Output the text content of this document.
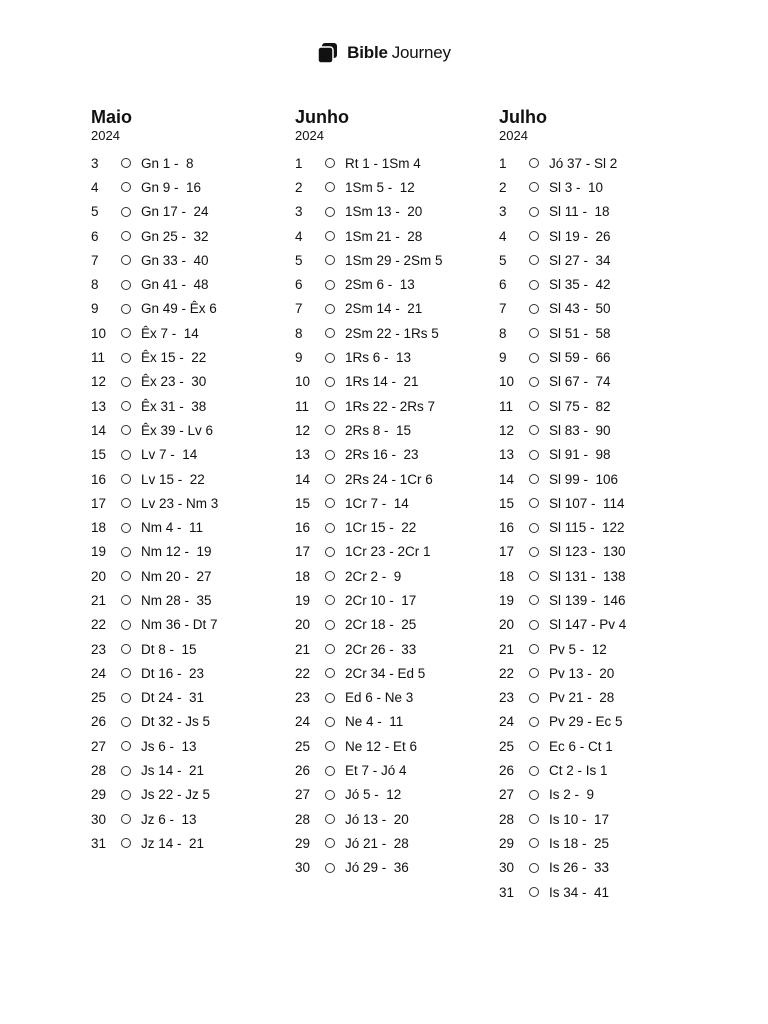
Bible Journey
Maio
2024
3	Gn 1 -  8
4	Gn 9 -  16
5	Gn 17 -  24
6	Gn 25 -  32
7	Gn 33 -  40
8	Gn 41 -  48
9	Gn 49 - Êx 6
10	Êx 7 -  14
11	Êx 15 -  22
12	Êx 23 -  30
13	Êx 31 -  38
14	Êx 39 - Lv 6
15	Lv 7 -  14
16	Lv 15 -  22
17	Lv 23 - Nm 3
18	Nm 4 -  11
19	Nm 12 -  19
20	Nm 20 -  27
21	Nm 28 -  35
22	Nm 36 - Dt 7
23	Dt 8 -  15
24	Dt 16 -  23
25	Dt 24 -  31
26	Dt 32 - Js 5
27	Js 6 -  13
28	Js 14 -  21
29	Js 22 - Jz 5
30	Jz 6 -  13
31	Jz 14 -  21
Junho
2024
1	Rt 1 - 1Sm 4
2	1Sm 5 -  12
3	1Sm 13 -  20
4	1Sm 21 -  28
5	1Sm 29 - 2Sm 5
6	2Sm 6 -  13
7	2Sm 14 -  21
8	2Sm 22 - 1Rs 5
9	1Rs 6 -  13
10	1Rs 14 -  21
11	1Rs 22 - 2Rs 7
12	2Rs 8 -  15
13	2Rs 16 -  23
14	2Rs 24 - 1Cr 6
15	1Cr 7 -  14
16	1Cr 15 -  22
17	1Cr 23 - 2Cr 1
18	2Cr 2 -  9
19	2Cr 10 -  17
20	2Cr 18 -  25
21	2Cr 26 -  33
22	2Cr 34 - Ed 5
23	Ed 6 - Ne 3
24	Ne 4 -  11
25	Ne 12 - Et 6
26	Et 7 - Jó 4
27	Jó 5 -  12
28	Jó 13 -  20
29	Jó 21 -  28
30	Jó 29 -  36
Julho
2024
1	Jó 37 - Sl 2
2	Sl 3 -  10
3	Sl 11 -  18
4	Sl 19 -  26
5	Sl 27 -  34
6	Sl 35 -  42
7	Sl 43 -  50
8	Sl 51 -  58
9	Sl 59 -  66
10	Sl 67 -  74
11	Sl 75 -  82
12	Sl 83 -  90
13	Sl 91 -  98
14	Sl 99 -  106
15	Sl 107 -  114
16	Sl 115 -  122
17	Sl 123 -  130
18	Sl 131 -  138
19	Sl 139 -  146
20	Sl 147 - Pv 4
21	Pv 5 -  12
22	Pv 13 -  20
23	Pv 21 -  28
24	Pv 29 - Ec 5
25	Ec 6 - Ct 1
26	Ct 2 - Is 1
27	Is 2 -  9
28	Is 10 -  17
29	Is 18 -  25
30	Is 26 -  33
31	Is 34 -  41
